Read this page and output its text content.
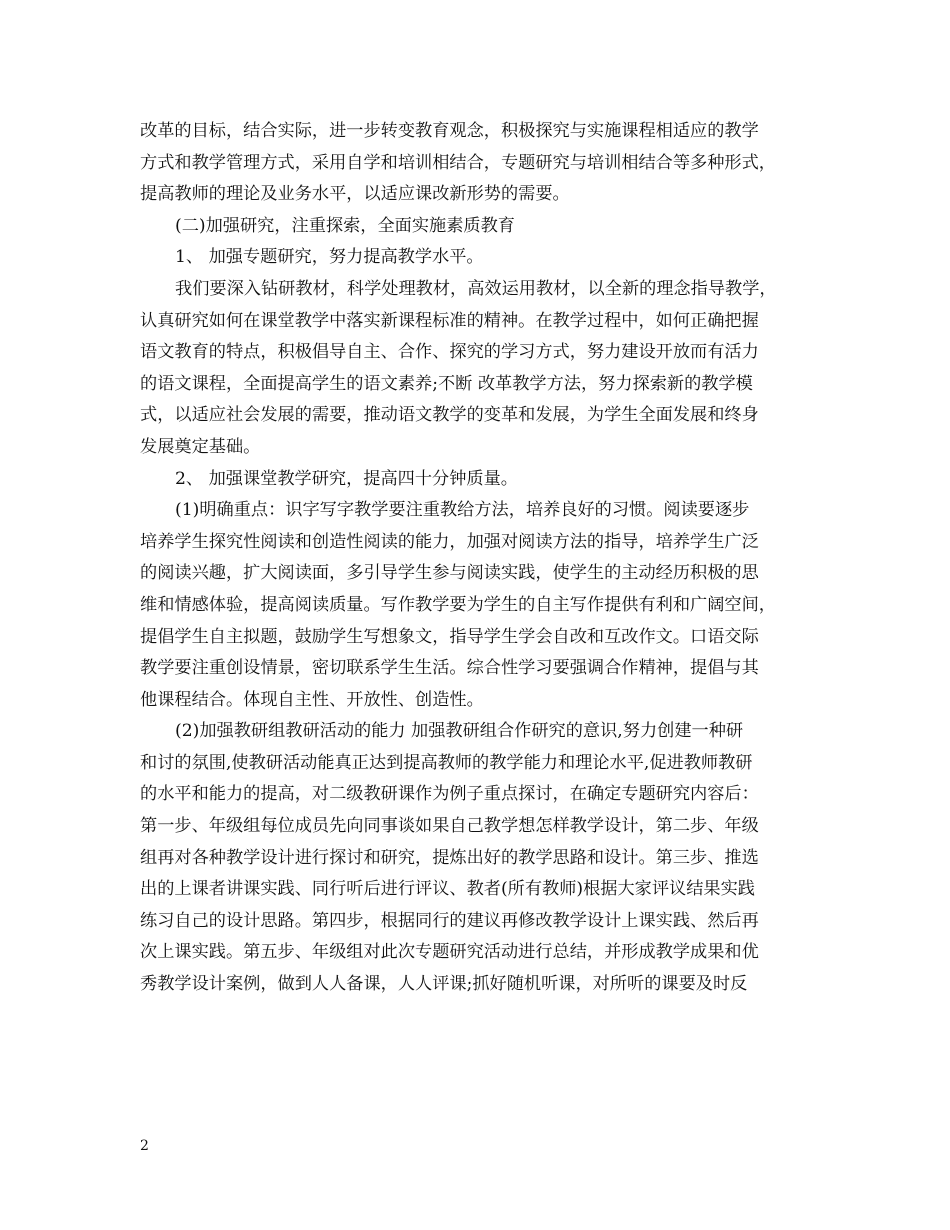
改革的目标，结合实际，进一步转变教育观念，积极探究与实施课程相适应的教学
方式和教学管理方式，采用自学和培训相结合，专题研究与培训相结合等多种形式，
提高教师的理论及业务水平，以适应课改新形势的需要。
(二)加强研究，注重探索，全面实施素质教育
1、 加强专题研究，努力提高教学水平。
我们要深入钻研教材，科学处理教材，高效运用教材，以全新的理念指导教学，
认真研究如何在课堂教学中落实新课程标准的精神。在教学过程中，如何正确把握
语文教育的特点，积极倡导自主、合作、探究的学习方式，努力建设开放而有活力
的语文课程，全面提高学生的语文素养;不断 改革教学方法，努力探索新的教学模
式，以适应社会发展的需要，推动语文教学的变革和发展，为学生全面发展和终身
发展奠定基础。
2、 加强课堂教学研究，提高四十分钟质量。
(1)明确重点：识字写字教学要注重教给方法，培养良好的习惯。阅读要逐步
培养学生探究性阅读和创造性阅读的能力，加强对阅读方法的指导，培养学生广泛
的阅读兴趣，扩大阅读面，多引导学生参与阅读实践，使学生的主动经历积极的思
维和情感体验，提高阅读质量。写作教学要为学生的自主写作提供有利和广阔空间，
提倡学生自主拟题，鼓励学生写想象文，指导学生学会自改和互改作文。口语交际
教学要注重创设情景，密切联系学生生活。综合性学习要强调合作精神，提倡与其
他课程结合。体现自主性、开放性、创造性。
(2)加强教研组教研活动的能力 加强教研组合作研究的意识,努力创建一种研
和讨的氛围,使教研活动能真正达到提高教师的教学能力和理论水平,促进教师教研
的水平和能力的提高，对二级教研课作为例子重点探讨，在确定专题研究内容后：
第一步、年级组每位成员先向同事谈如果自己教学想怎样教学设计，第二步、年级
组再对各种教学设计进行探讨和研究，提炼出好的教学思路和设计。第三步、推选
出的上课者讲课实践、同行听后进行评议、教者(所有教师)根据大家评议结果实践
练习自己的设计思路。第四步，根据同行的建议再修改教学设计上课实践、然后再
次上课实践。第五步、年级组对此次专题研究活动进行总结，并形成教学成果和优
秀教学设计案例，做到人人备课，人人评课;抓好随机听课，对所听的课要及时反
2
